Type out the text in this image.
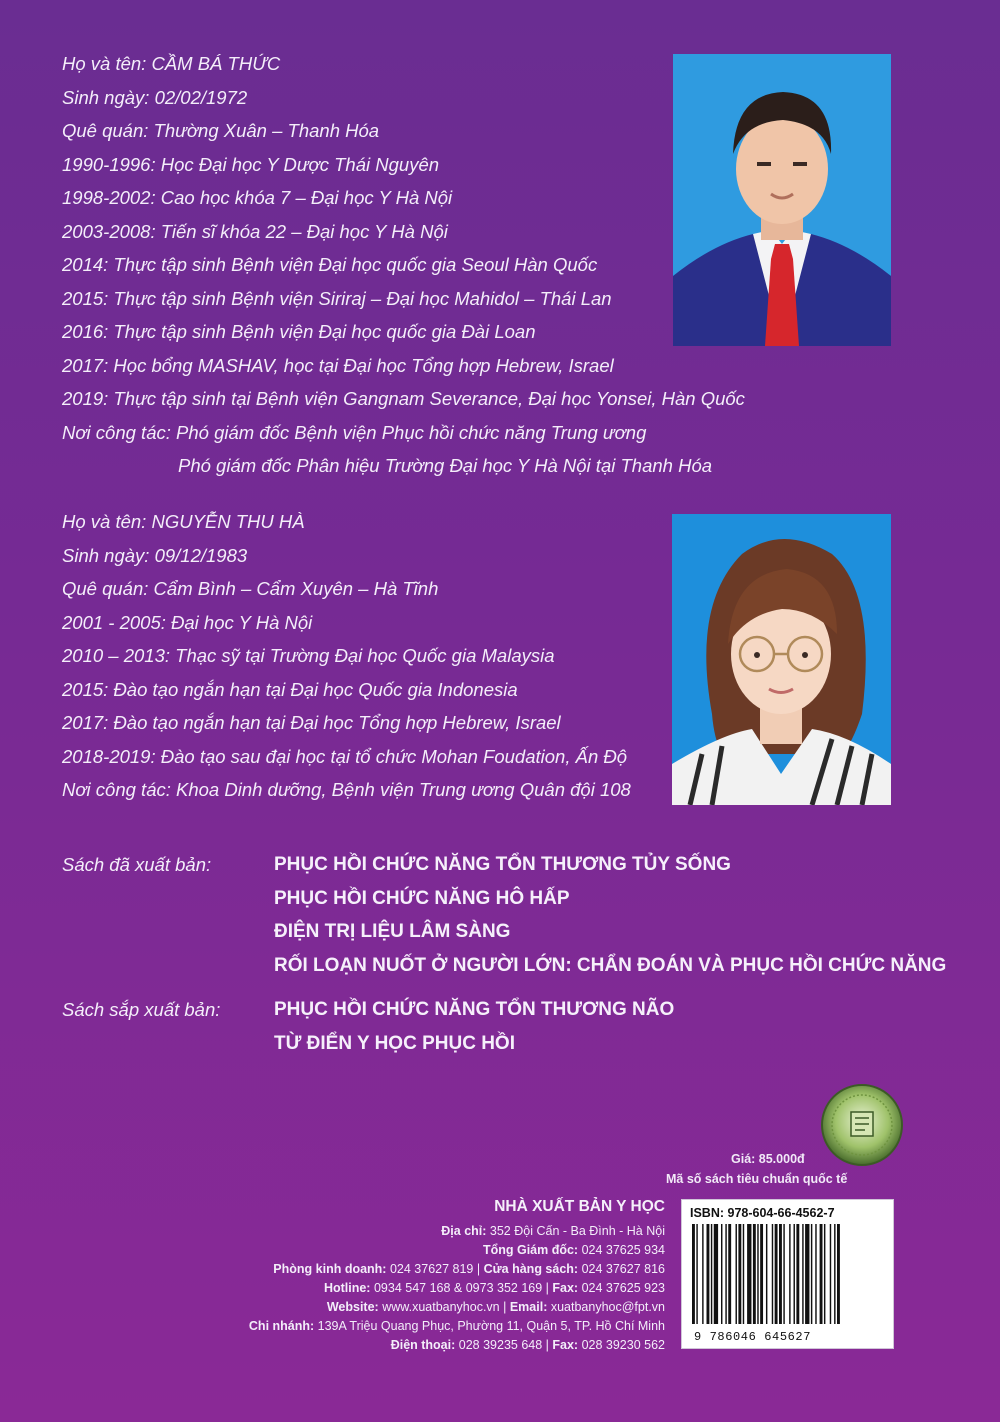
Họ và tên: CẦM BÁ THỨC
Sinh ngày: 02/02/1972
Quê quán: Thường Xuân – Thanh Hóa
1990-1996: Học Đại học Y Dược Thái Nguyên
1998-2002: Cao học khóa 7 – Đại học Y Hà Nội
2003-2008: Tiến sĩ khóa 22 – Đại học Y Hà Nội
2014: Thực tập sinh Bệnh viện Đại học quốc gia Seoul Hàn Quốc
2015: Thực tập sinh Bệnh viện Siriraj – Đại học Mahidol – Thái Lan
2016: Thực tập sinh Bệnh viện Đại học quốc gia Đài Loan
2017: Học bổng MASHAV, học tại Đại học Tổng hợp Hebrew, Israel
2019: Thực tập sinh tại Bệnh viện Gangnam Severance, Đại học Yonsei, Hàn Quốc
Nơi công tác: Phó giám đốc Bệnh viện Phục hồi chức năng Trung ương
Phó giám đốc Phân hiệu Trường Đại học Y Hà Nội tại Thanh Hóa
Họ và tên: NGUYỄN THU HÀ
Sinh ngày: 09/12/1983
Quê quán: Cẩm Bình – Cẩm Xuyên – Hà Tĩnh
2001 - 2005: Đại học Y Hà Nội
2010 – 2013: Thạc sỹ tại Trường Đại học Quốc gia Malaysia
2015: Đào tạo ngắn hạn tại Đại học Quốc gia Indonesia
2017: Đào tạo ngắn hạn tại Đại học Tổng hợp Hebrew, Israel
2018-2019: Đào tạo sau đại học tại tổ chức Mohan Foudation, Ấn Độ
Nơi công tác: Khoa Dinh dưỡng, Bệnh viện Trung ương Quân đội 108
Sách đã xuất bản:	PHỤC HỒI CHỨC NĂNG TỔN THƯƠNG TỦY SỐNG
PHỤC HỒI CHỨC NĂNG HÔ HẤP
ĐIỆN TRỊ LIỆU LÂM SÀNG
RỐI LOẠN NUỐT Ở NGƯỜI LỚN: CHẨN ĐOÁN VÀ PHỤC HỒI CHỨC NĂNG
Sách sắp xuất bản:	PHỤC HỒI CHỨC NĂNG TỔN THƯƠNG NÃO
TỪ ĐIỂN Y HỌC PHỤC HỒI
Giá: 85.000đ
Mã số sách tiêu chuẩn quốc tế
NHÀ XUẤT BẢN Y HỌC
Địa chỉ: 352 Đội Cấn - Ba Đình - Hà Nội
Tổng Giám đốc: 024 37625 934
Phòng kinh doanh: 024 37627 819 | Cửa hàng sách: 024 37627 816
Hotline: 0934 547 168 & 0973 352 169 | Fax: 024 37625 923
Website: www.xuatbanyhoc.vn | Email: xuatbanyhoc@fpt.vn
Chi nhánh: 139A Triệu Quang Phục, Phường 11, Quận 5, TP. Hồ Chí Minh
Điện thoại: 028 39235 648 | Fax: 028 39230 562
ISBN: 978-604-66-4562-7
9 786046 645627
